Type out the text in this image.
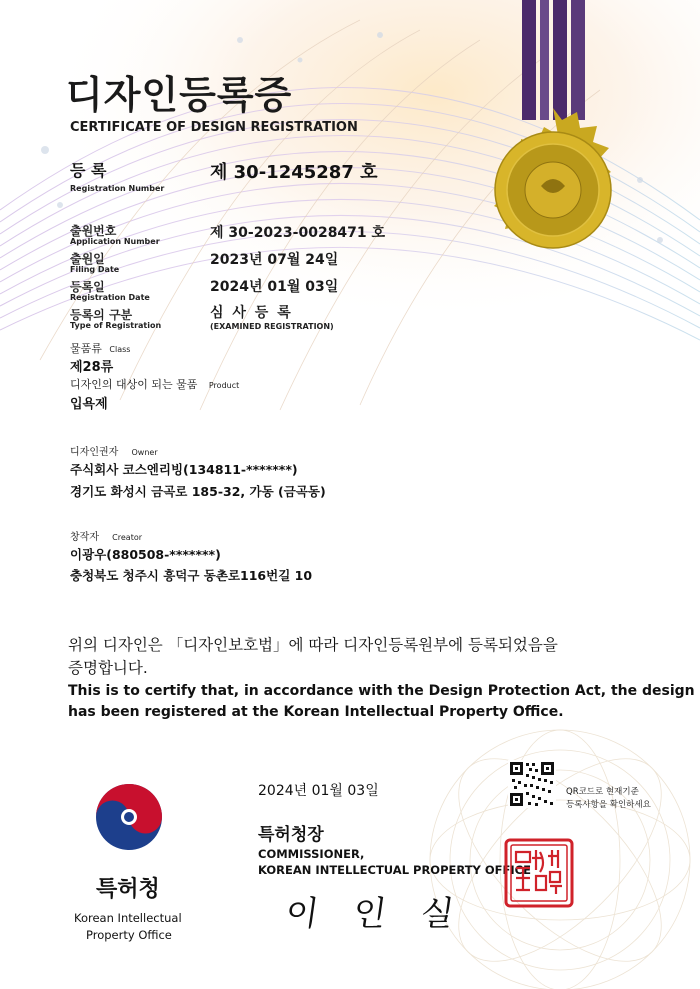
디자인등록증
CERTIFICATE OF DESIGN REGISTRATION
등 록
Registration Number
제 30-1245287 호
출원번호
Application Number
제 30-2023-0028471 호
출원일
Filing Date
2023년 07월 24일
등록일
Registration Date
2024년 01월 03일
등록의 구분
Type of Registration
심 사 등 록
(EXAMINED REGISTRATION)
물품류 Class
제28류
디자인의 대상이 되는 물품 Product
입욕제
디자인권자 Owner
주식회사 코스엔리빙(134811-*******)
경기도 화성시 금곡로 185-32, 가동 (금곡동)
창작자 Creator
이광우(880508-*******)
충청북도 청주시 흥덕구 동촌로116번길 10
위의 디자인은 「디자인보호법」에 따라 디자인등록원부에 등록되었음을
증명합니다.
This is to certify that, in accordance with the Design Protection Act, the design
has been registered at the Korean Intellectual Property Office.
2024년 01월 03일	QR코드로 현재기준
등록사항을 확인하세요
특허청장
COMMISSIONER,
KOREAN INTELLECTUAL PROPERTY OFFICE
이 인 실
특허청
Korean Intellectual
Property Office
